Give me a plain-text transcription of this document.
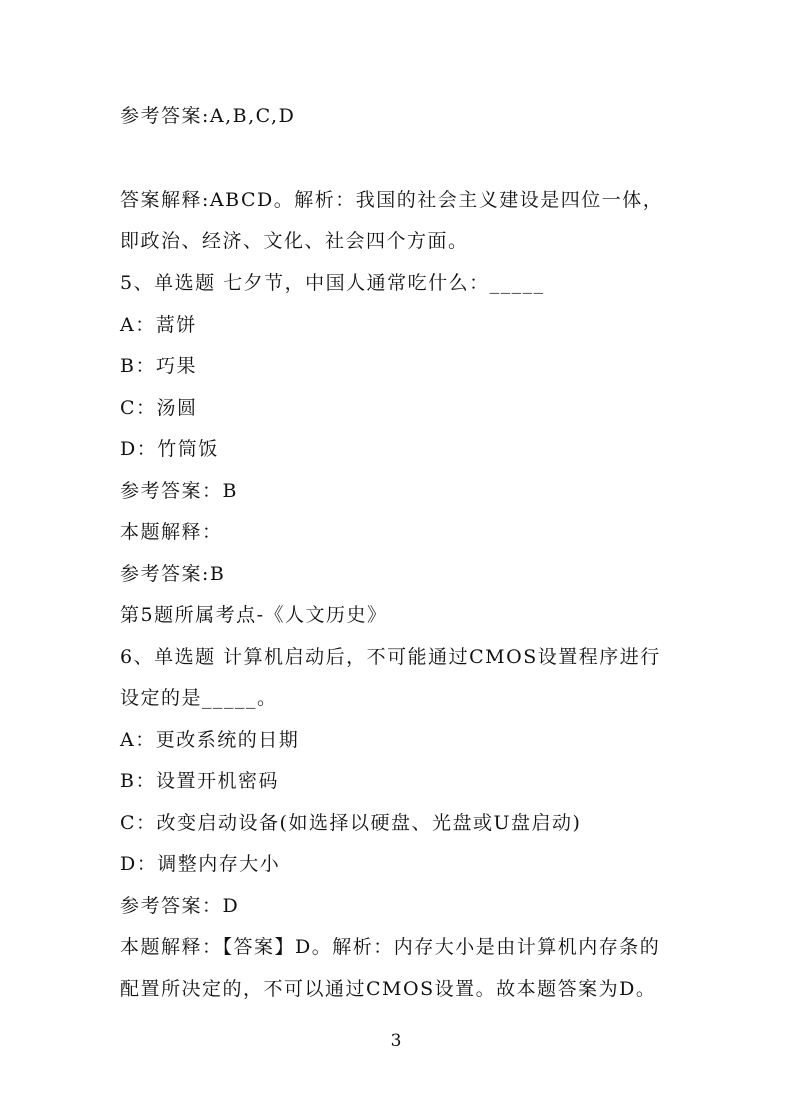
参考答案:A,B,C,D
答案解释:ABCD。解析：我国的社会主义建设是四位一体，
即政治、经济、文化、社会四个方面。
5、单选题 七夕节，中国人通常吃什么：_____
A：蒿饼
B：巧果
C：汤圆
D：竹筒饭
参考答案：B
本题解释：
参考答案:B
第5题所属考点-《人文历史》
6、单选题 计算机启动后，不可能通过CMOS设置程序进行
设定的是_____。
A：更改系统的日期
B：设置开机密码
C：改变启动设备(如选择以硬盘、光盘或U盘启动)
D：调整内存大小
参考答案：D
本题解释：【答案】D。解析：内存大小是由计算机内存条的
配置所决定的，不可以通过CMOS设置。故本题答案为D。
3
